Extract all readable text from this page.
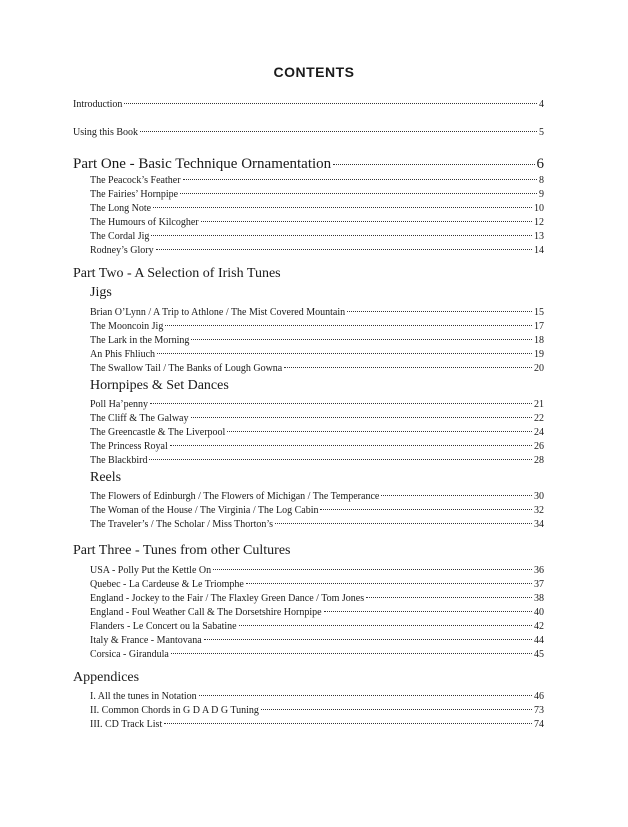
CONTENTS
Introduction	4
Using this Book	5
Part One - Basic Technique Ornamentation	6
The Peacock’s Feather	8
The Fairies’ Hornpipe	9
The Long Note	10
The Humours of Kilcogher	12
The Cordal Jig	13
Rodney’s Glory	14
Part Two - A Selection of Irish Tunes
Jigs
Brian O’Lynn / A Trip to Athlone / The Mist Covered Mountain	15
The Mooncoin Jig	17
The Lark in the Morning	18
An Phis Fhliuch	19
The Swallow Tail / The Banks of Lough Gowna	20
Hornpipes & Set Dances
Poll Ha’penny	21
The Cliff & The Galway	22
The Greencastle & The Liverpool	24
The Princess Royal	26
The Blackbird	28
Reels
The Flowers of Edinburgh / The Flowers of Michigan / The Temperance	30
The Woman of the House / The Virginia / The Log Cabin	32
The Traveler’s / The Scholar / Miss Thorton’s	34
Part Three - Tunes from other Cultures
USA - Polly Put the Kettle On	36
Quebec - La Cardeuse & Le Triomphe	37
England - Jockey to the Fair / The Flaxley Green Dance / Tom Jones	38
England - Foul Weather Call & The Dorsetshire Hornpipe	40
Flanders - Le Concert ou la Sabatine	42
Italy & France - Mantovana	44
Corsica - Girandula	45
Appendices
I. All the tunes in Notation	46
II. Common Chords in G D A D G Tuning	73
III. CD Track List	74
